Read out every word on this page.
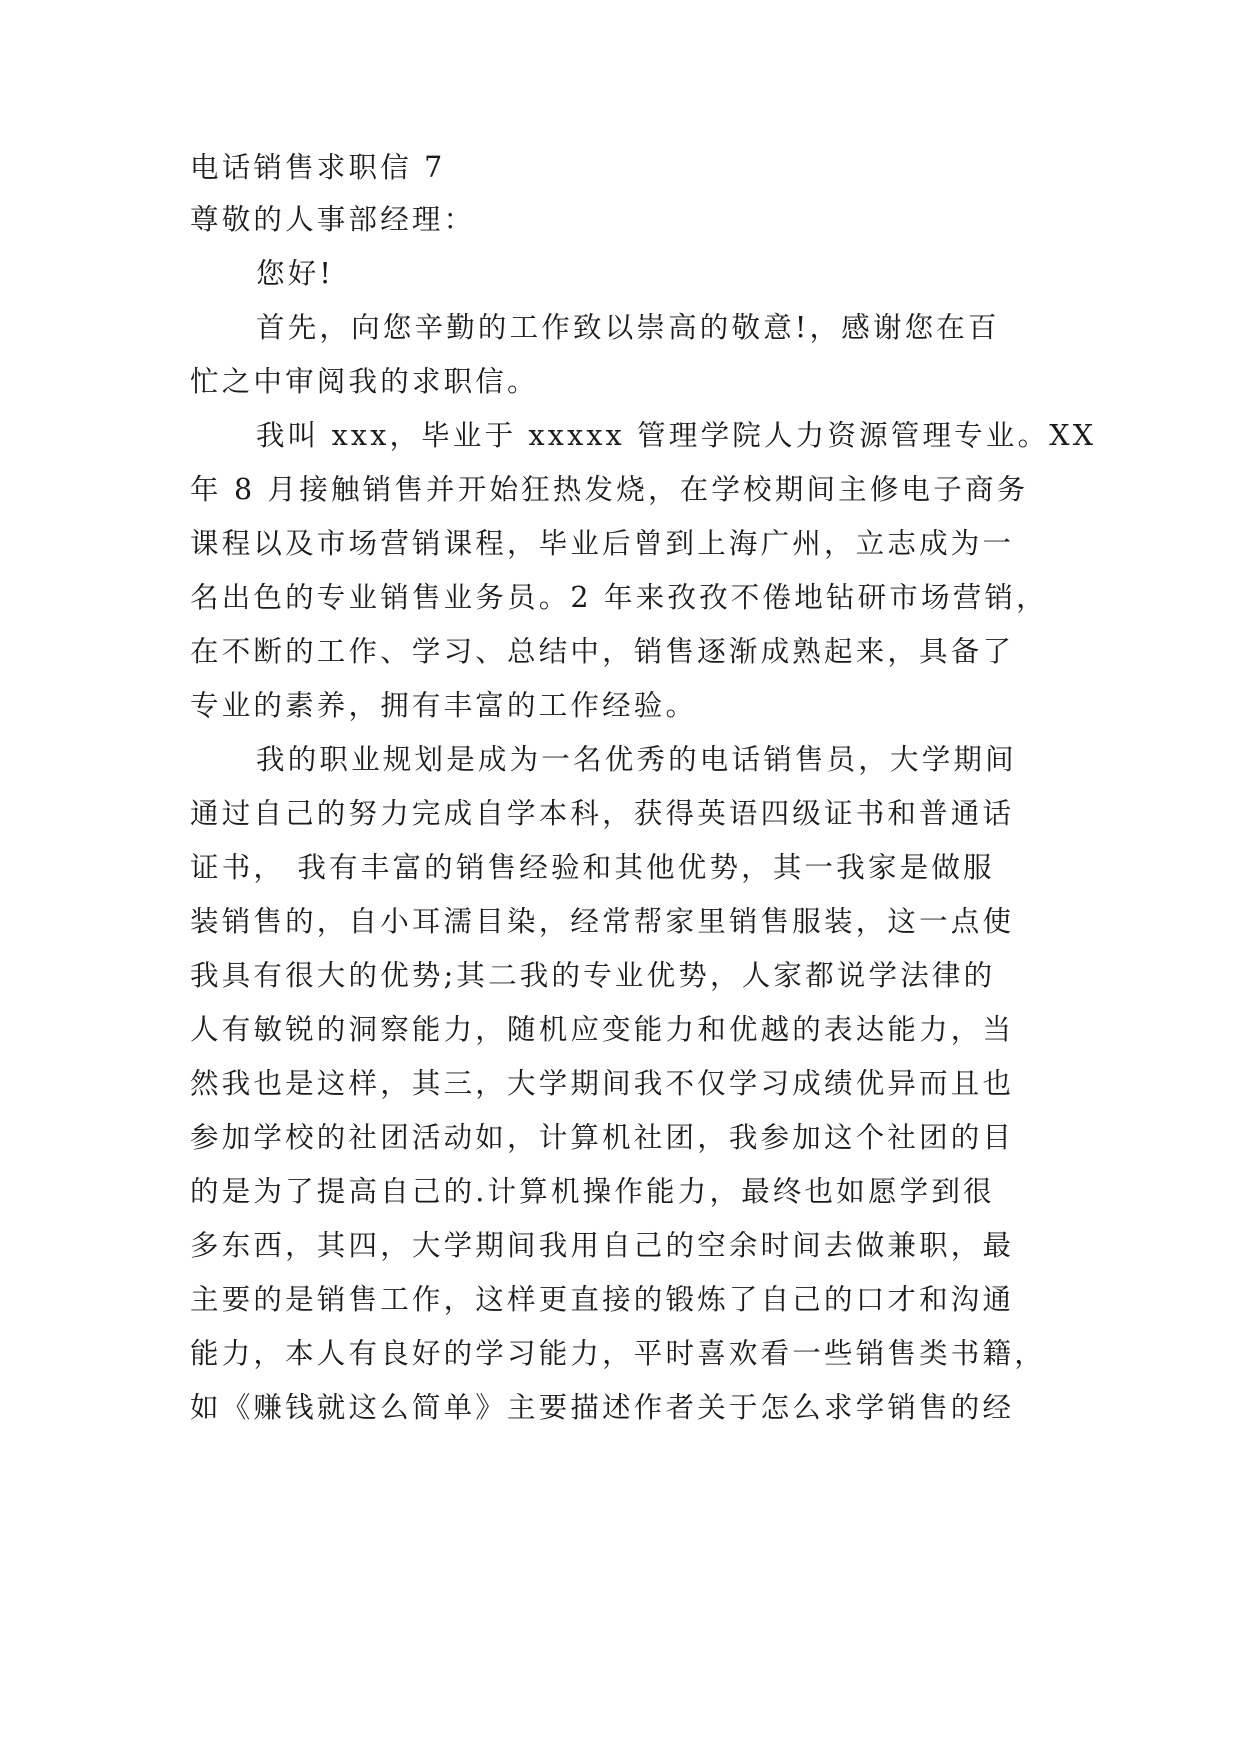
电话销售求职信 7
尊敬的人事部经理：
您好!
首先，向您辛勤的工作致以崇高的敬意!，感谢您在百
忙之中审阅我的求职信。
我叫 xxx，毕业于 xxxxx 管理学院人力资源管理专业。XX
年 8 月接触销售并开始狂热发烧，在学校期间主修电子商务
课程以及市场营销课程，毕业后曾到上海广州，立志成为一
名出色的专业销售业务员。2 年来孜孜不倦地钻研市场营销，
在不断的工作、学习、总结中，销售逐渐成熟起来，具备了
专业的素养，拥有丰富的工作经验。
我的职业规划是成为一名优秀的电话销售员，大学期间
通过自己的努力完成自学本科，获得英语四级证书和普通话
证书， 我有丰富的销售经验和其他优势，其一我家是做服
装销售的，自小耳濡目染，经常帮家里销售服装，这一点使
我具有很大的优势;其二我的专业优势，人家都说学法律的
人有敏锐的洞察能力，随机应变能力和优越的表达能力，当
然我也是这样，其三，大学期间我不仅学习成绩优异而且也
参加学校的社团活动如，计算机社团，我参加这个社团的目
的是为了提高自己的.计算机操作能力，最终也如愿学到很
多东西，其四，大学期间我用自己的空余时间去做兼职，最
主要的是销售工作，这样更直接的锻炼了自己的口才和沟通
能力，本人有良好的学习能力，平时喜欢看一些销售类书籍，
如《赚钱就这么简单》主要描述作者关于怎么求学销售的经
